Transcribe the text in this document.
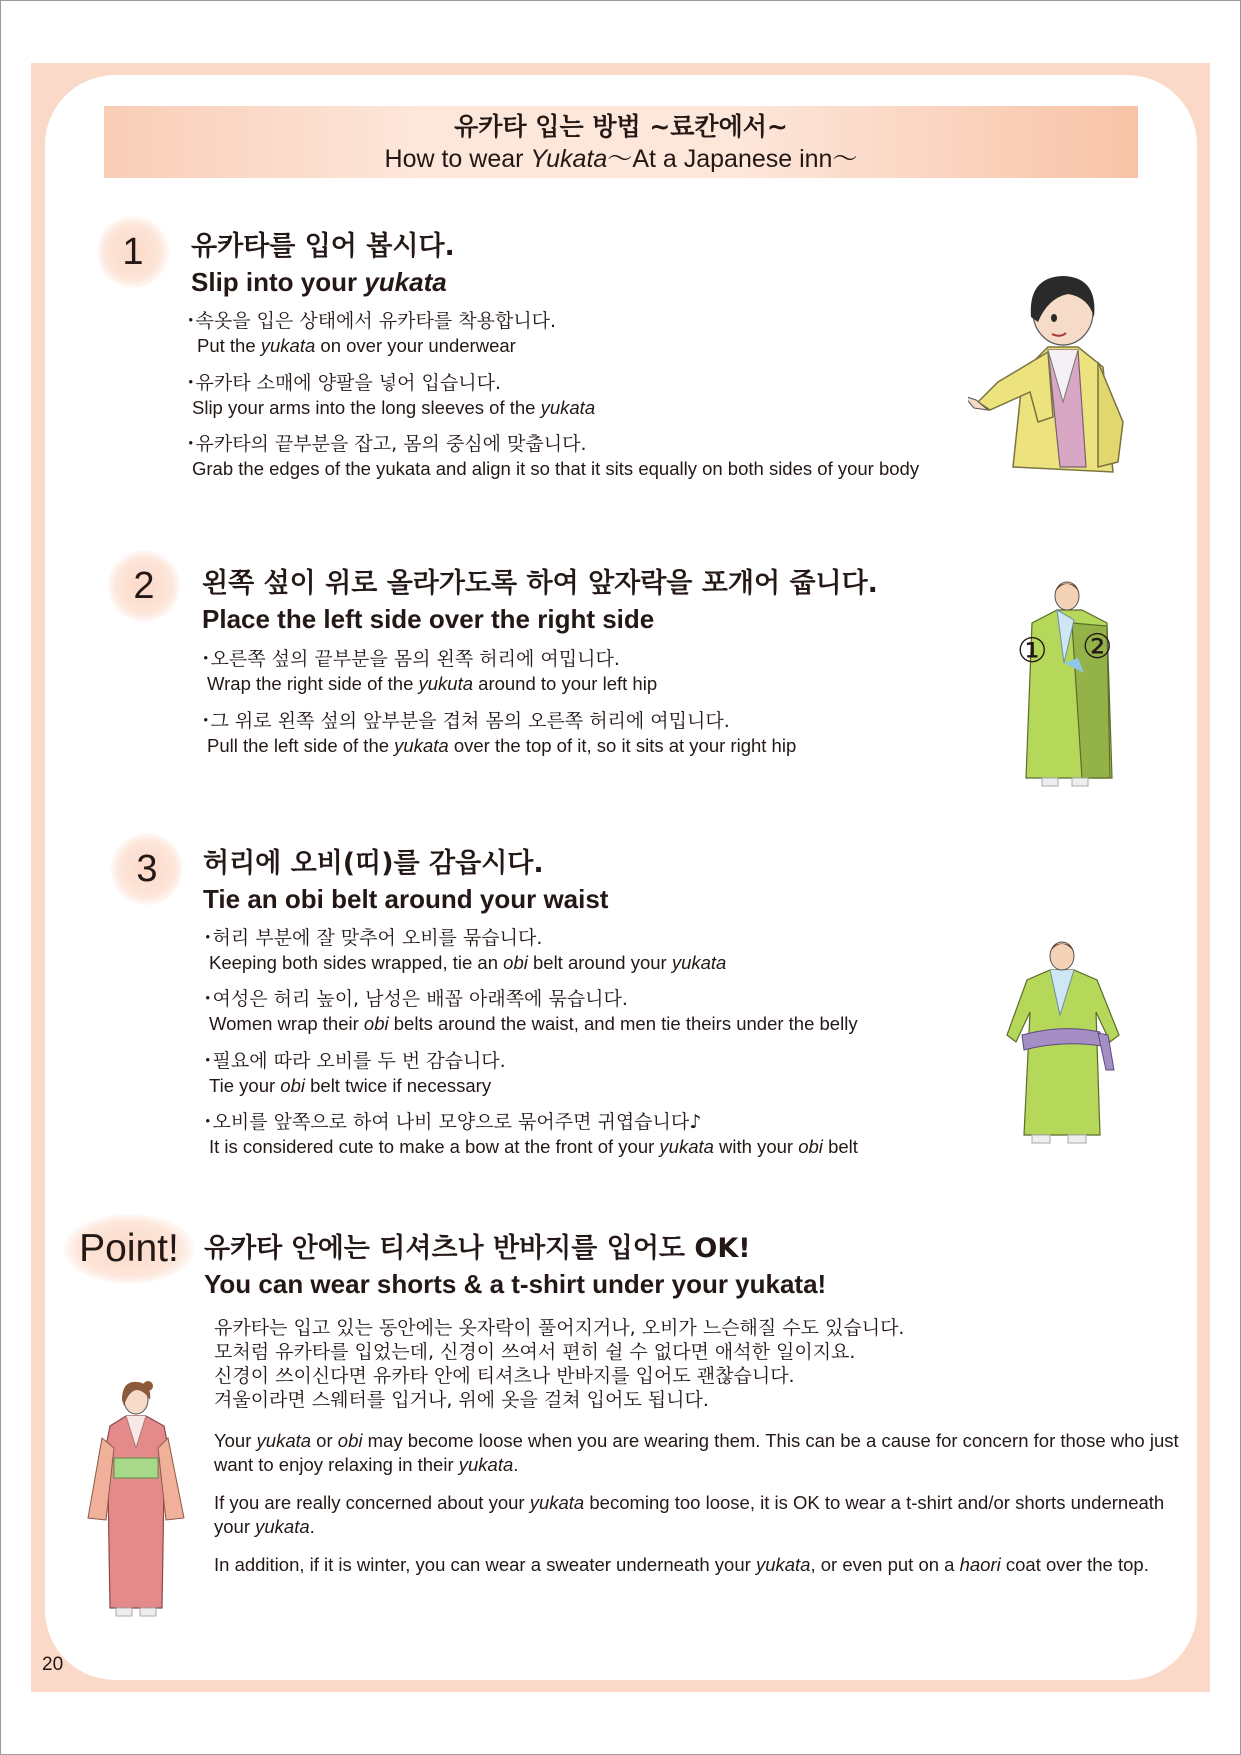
유카타 입는 방법 ~료칸에서~
How to wear Yukata〜At a Japanese inn〜
1	유카타를 입어 봅시다.
Slip into your yukata
･속옷을 입은 상태에서 유카타를 착용합니다.
Put the yukata on over your underwear
･유카타 소매에 양팔을 넣어 입습니다.
Slip your arms into the long sleeves of the yukata
･유카타의 끝부분을 잡고, 몸의 중심에 맞춥니다.
Grab the edges of the yukata and align it so that it sits equally on both sides of your body
2	왼쪽 섶이 위로 올라가도록 하여 앞자락을 포개어 줍니다.
Place the left side over the right side
･오른쪽 섶의 끝부분을 몸의 왼쪽 허리에 여밉니다.
Wrap the right side of the yukuta around to your left hip
･그 위로 왼쪽 섶의 앞부분을 겹쳐 몸의 오른쪽 허리에 여밉니다.
Pull the left side of the yukata over the top of it, so it sits at your right hip
① ②
3	허리에 오비(띠)를 감읍시다.
Tie an obi belt around your waist
･허리 부분에 잘 맞추어 오비를 묶습니다.
Keeping both sides wrapped, tie an obi belt around your yukata
･여성은 허리 높이, 남성은 배꼽 아래쪽에 묶습니다.
Women wrap their obi belts around the waist, and men tie theirs under the belly
･필요에 따라 오비를 두 번 감습니다.
Tie your obi belt twice if necessary
･오비를 앞쪽으로 하여 나비 모양으로 묶어주면 귀엽습니다♪
It is considered cute to make a bow at the front of your yukata with your obi belt
Point! 유카타 안에는 티셔츠나 반바지를 입어도 OK!
You can wear shorts & a t-shirt under your yukata!
유카타는 입고 있는 동안에는 옷자락이 풀어지거나, 오비가 느슨해질 수도 있습니다.
모처럼 유카타를 입었는데, 신경이 쓰여서 편히 쉴 수 없다면 애석한 일이지요.
신경이 쓰이신다면 유카타 안에 티셔츠나 반바지를 입어도 괜찮습니다.
겨울이라면 스웨터를 입거나, 위에 옷을 걸쳐 입어도 됩니다.
Your yukata or obi may become loose when you are wearing them. This can be a cause for concern for those who just want to enjoy relaxing in their yukata.
If you are really concerned about your yukata becoming too loose, it is OK to wear a t-shirt and/or shorts underneath your yukata.
In addition, if it is winter, you can wear a sweater underneath your yukata, or even put on a haori coat over the top.
20
